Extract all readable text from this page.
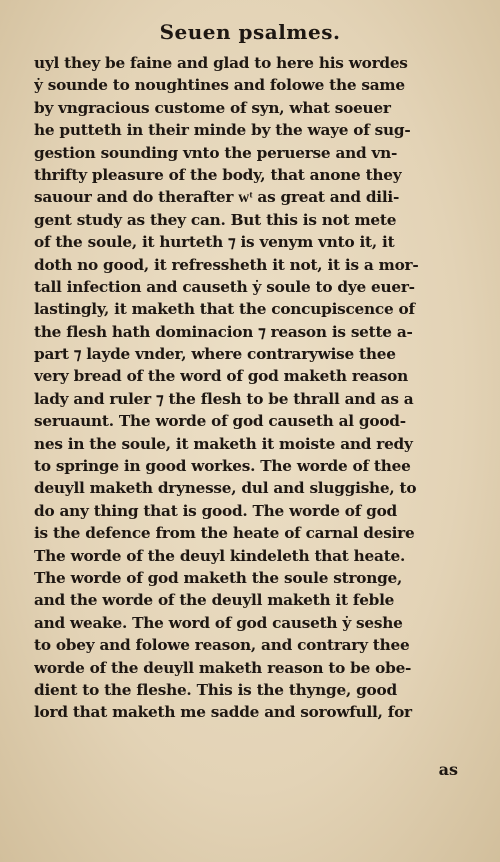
Seuen psalmes.
uyl they be faine and glad to here his wordes
ẏ sounde to noughtines and folowe the same
by vngracious custome of syn, what soeuer
he putteth in their minde by the waye of sug‑
gestion sounding vnto the peruerse and vn‑
thrifty pleasure of the body, that anone they
sauour and do therafter wͭ as great and dili‑
gent study as they can. But this is not mete
of the soule, it hurteth ⁊ is venym vnto it, it
doth no good, it refressheth it not, it is a mor‑
tall infection and causeth ẏ soule to dye euer‑
lastingly, it maketh that the concupiscence of
the flesh hath dominacion ⁊ reason is sette a‑
part ⁊ layde vnder, where contrarywise thee
very bread of the word of god maketh reason
lady and ruler ⁊ the flesh to be thrall and as a
seruaunt. The worde of god causeth al good‑
nes in the soule, it maketh it moiste and redy
to springe in good workes. The worde of thee
deuyll maketh drynesse, dul and sluggishe, to
do any thing that is good. The worde of god
is the defence from the heate of carnal desire
The worde of the deuyl kindeleth that heate.
The worde of god maketh the soule stronge,
and the worde of the deuyll maketh it feble
and weake. The word of god causeth ẏ seshe
to obey and folowe reason, and contrary thee
worde of the deuyll maketh reason to be obe‑
dient to the fleshe. This is the thynge, good
lord that maketh me sadde and sorowfull, for
as
